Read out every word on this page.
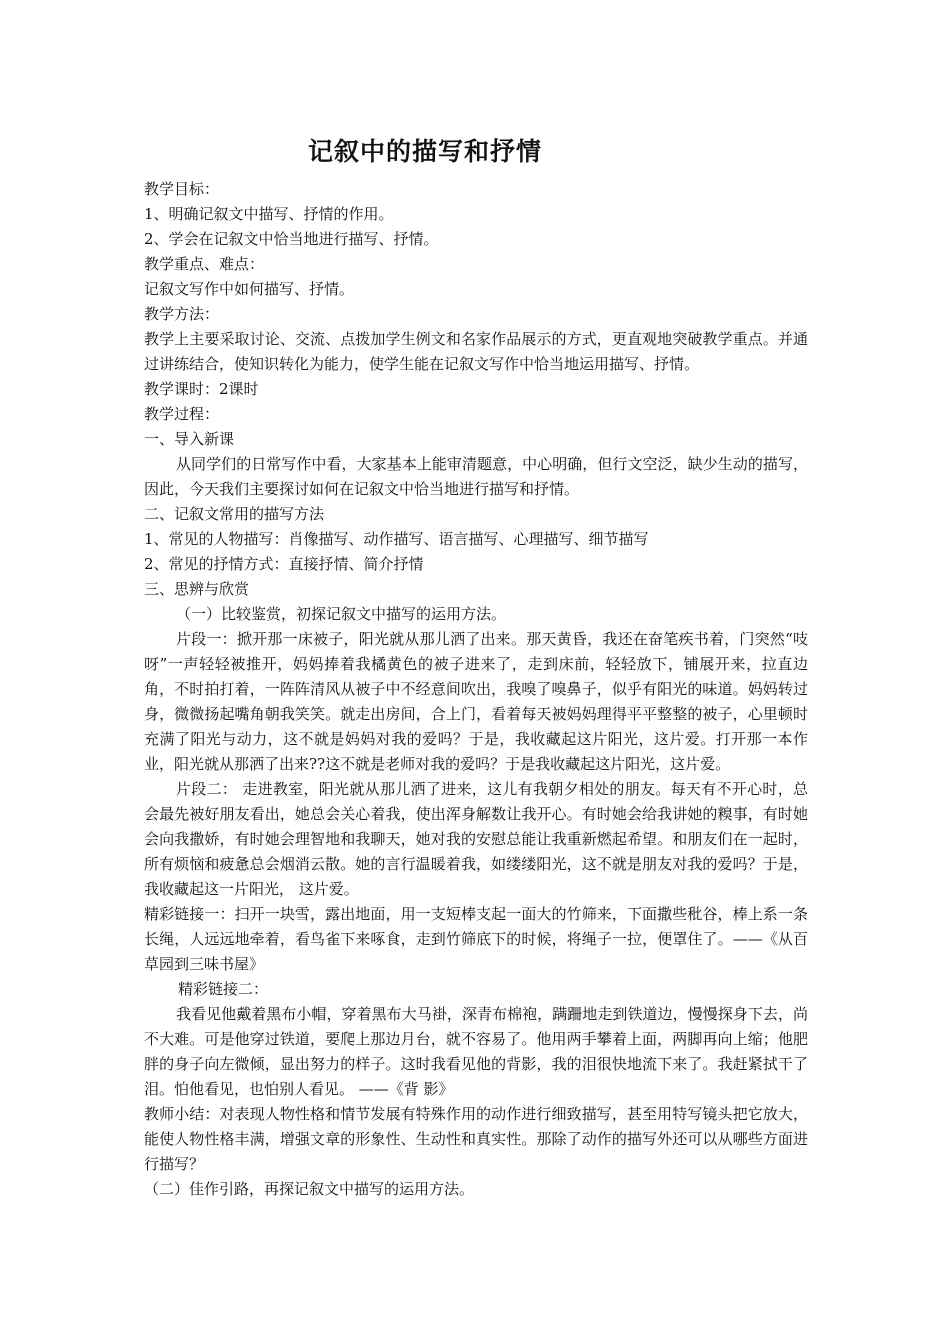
记叙中的描写和抒情

教学目标：

1、明确记叙文中描写、抒情的作用。

2、学会在记叙文中恰当地进行描写、抒情。

教学重点、难点：

记叙文写作中如何描写、抒情。

教学方法：

教学上主要采取讨论、交流、点拨加学生例文和名家作品展示的方式，更直观地突破教学重点。并通过讲练结合，使知识转化为能力，使学生能在记叙文写作中恰当地运用描写、抒情。

教学课时：2课时

教学过程：

一、导入新课

从同学们的日常写作中看，大家基本上能审清题意，中心明确，但行文空泛，缺少生动的描写，因此，今天我们主要探讨如何在记叙文中恰当地进行描写和抒情。

二、记叙文常用的描写方法

1、常见的人物描写：肖像描写、动作描写、语言描写、心理描写、细节描写

2、常见的抒情方式：直接抒情、简介抒情

三、思辨与欣赏

（一）比较鉴赏，初探记叙文中描写的运用方法。

片段一：掀开那一床被子，阳光就从那儿洒了出来。那天黄昏，我还在奋笔疾书着，门突然“吱呀”一声轻轻被推开，妈妈捧着我橘黄色的被子进来了，走到床前，轻轻放下，铺展开来，拉直边角，不时拍打着，一阵阵清风从被子中不经意间吹出，我嗅了嗅鼻子，似乎有阳光的味道。妈妈转过身，微微扬起嘴角朝我笑笑。就走出房间，合上门，看着每天被妈妈理得平平整整的被子，心里顿时充满了阳光与动力，这不就是妈妈对我的爱吗？于是，我收藏起这片阳光，这片爱。打开那一本作业，阳光就从那洒了出来??这不就是老师对我的爱吗？于是我收藏起这片阳光，这片爱。

片段二： 走进教室，阳光就从那儿洒了进来，这儿有我朝夕相处的朋友。每天有不开心时，总会最先被好朋友看出，她总会关心着我，使出浑身解数让我开心。有时她会给我讲她的糗事，有时她会向我撒娇，有时她会理智地和我聊天，她对我的安慰总能让我重新燃起希望。和朋友们在一起时，所有烦恼和疲惫总会烟消云散。她的言行温暖着我，如缕缕阳光，这不就是朋友对我的爱吗？于是， 我收藏起这一片阳光， 这片爱。

精彩链接一：扫开一块雪，露出地面，用一支短棒支起一面大的竹筛来，下面撒些秕谷，棒上系一条长绳，人远远地牵着，看鸟雀下来啄食，走到竹筛底下的时候，将绳子一拉，便罩住了。——《从百草园到三味书屋》

精彩链接二：

我看见他戴着黑布小帽，穿着黑布大马褂，深青布棉袍，蹒跚地走到铁道边，慢慢探身下去，尚不大难。可是他穿过铁道，要爬上那边月台，就不容易了。他用两手攀着上面，两脚再向上缩；他肥胖的身子向左微倾，显出努力的样子。这时我看见他的背影，我的泪很快地流下来了。我赶紧拭干了泪。怕他看见，也怕别人看见。 ——《背 影》

教师小结：对表现人物性格和情节发展有特殊作用的动作进行细致描写，甚至用特写镜头把它放大，能使人物性格丰满，增强文章的形象性、生动性和真实性。那除了动作的描写外还可以从哪些方面进行描写？

（二）佳作引路，再探记叙文中描写的运用方法。
